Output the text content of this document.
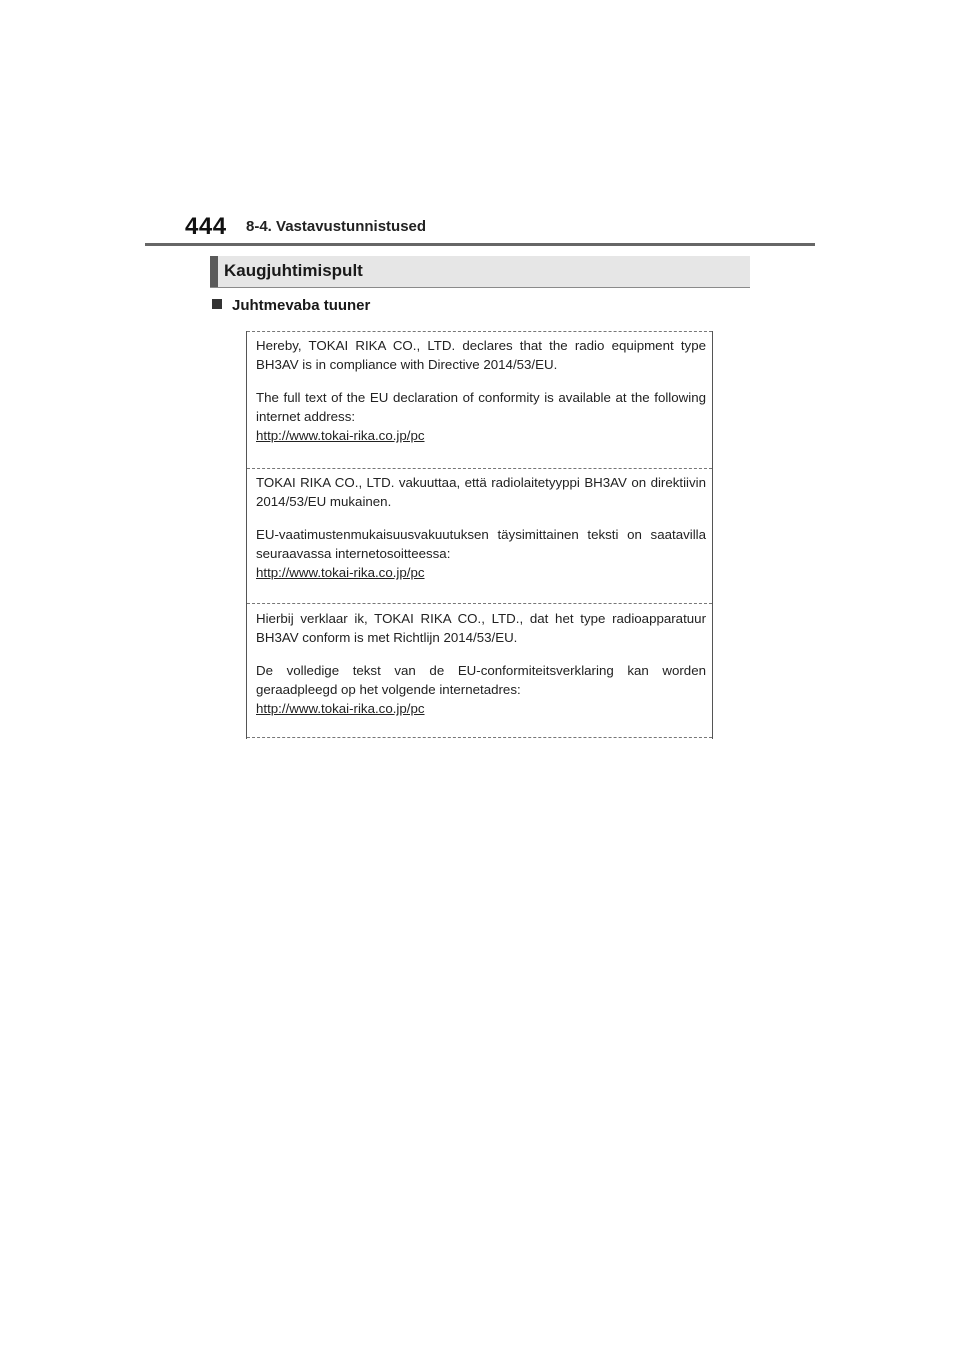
444 8-4. Vastavustunnistused
Kaugjuhtimispult
Juhtmevaba tuuner

Hereby, TOKAI RIKA CO., LTD. declares that the radio equipment type BH3AV is in compliance with Directive 2014/53/EU.

The full text of the EU declaration of conformity is available at the following internet address:

http://www.tokai-rika.co.jp/pc

TOKAI RIKA CO., LTD. vakuuttaa, että radiolaitetyyppi BH3AV on direktiivin 2014/53/EU mukainen.

EU-vaatimustenmukaisuusvakuutuksen täysimittainen teksti on saatavilla seuraavassa internetosoitteessa:

http://www.tokai-rika.co.jp/pc

Hierbij verklaar ik, TOKAI RIKA CO., LTD., dat het type radioapparatuur BH3AV conform is met Richtlijn 2014/53/EU.

De volledige tekst van de EU-conformiteitsverklaring kan worden geraadpleegd op het volgende internetadres:

http://www.tokai-rika.co.jp/pc
